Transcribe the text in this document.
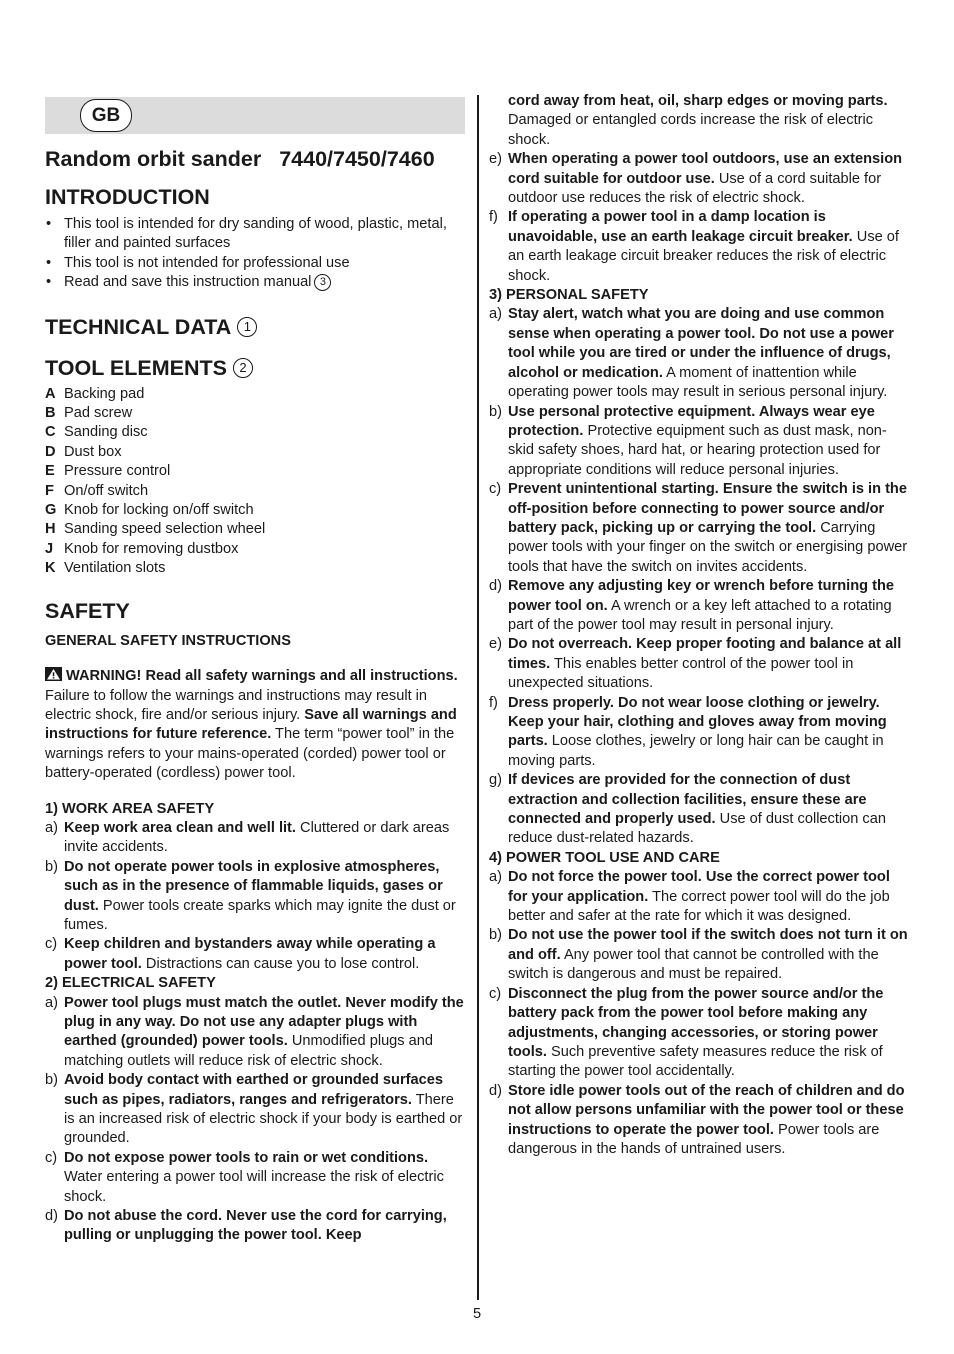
GB
Random orbit sander 7440/7450/7460
INTRODUCTION
• This tool is intended for dry sanding of wood, plastic, metal, filler and painted surfaces
• This tool is not intended for professional use
• Read and save this instruction manual 3
TECHNICAL DATA 1
TOOL ELEMENTS 2
A Backing pad
B Pad screw
C Sanding disc
D Dust box
E Pressure control
F On/off switch
G Knob for locking on/off switch
H Sanding speed selection wheel
J Knob for removing dustbox
K Ventilation slots
SAFETY
GENERAL SAFETY INSTRUCTIONS
WARNING! Read all safety warnings and all instructions. Failure to follow the warnings and instructions may result in electric shock, fire and/or serious injury. Save all warnings and instructions for future reference. The term “power tool” in the warnings refers to your mains-operated (corded) power tool or battery-operated (cordless) power tool.
1) WORK AREA SAFETY
a) Keep work area clean and well lit. Cluttered or dark areas invite accidents.
b) Do not operate power tools in explosive atmospheres, such as in the presence of flammable liquids, gases or dust. Power tools create sparks which may ignite the dust or fumes.
c) Keep children and bystanders away while operating a power tool. Distractions can cause you to lose control.
2) ELECTRICAL SAFETY
a) Power tool plugs must match the outlet. Never modify the plug in any way. Do not use any adapter plugs with earthed (grounded) power tools. Unmodified plugs and matching outlets will reduce risk of electric shock.
b) Avoid body contact with earthed or grounded surfaces such as pipes, radiators, ranges and refrigerators. There is an increased risk of electric shock if your body is earthed or grounded.
c) Do not expose power tools to rain or wet conditions. Water entering a power tool will increase the risk of electric shock.
d) Do not abuse the cord. Never use the cord for carrying, pulling or unplugging the power tool. Keep
cord away from heat, oil, sharp edges or moving parts. Damaged or entangled cords increase the risk of electric shock.
e) When operating a power tool outdoors, use an extension cord suitable for outdoor use. Use of a cord suitable for outdoor use reduces the risk of electric shock.
f) If operating a power tool in a damp location is unavoidable, use an earth leakage circuit breaker. Use of an earth leakage circuit breaker reduces the risk of electric shock.
3) PERSONAL SAFETY
a) Stay alert, watch what you are doing and use common sense when operating a power tool. Do not use a power tool while you are tired or under the influence of drugs, alcohol or medication. A moment of inattention while operating power tools may result in serious personal injury.
b) Use personal protective equipment. Always wear eye protection. Protective equipment such as dust mask, non-skid safety shoes, hard hat, or hearing protection used for appropriate conditions will reduce personal injuries.
c) Prevent unintentional starting. Ensure the switch is in the off-position before connecting to power source and/or battery pack, picking up or carrying the tool. Carrying power tools with your finger on the switch or energising power tools that have the switch on invites accidents.
d) Remove any adjusting key or wrench before turning the power tool on. A wrench or a key left attached to a rotating part of the power tool may result in personal injury.
e) Do not overreach. Keep proper footing and balance at all times. This enables better control of the power tool in unexpected situations.
f) Dress properly. Do not wear loose clothing or jewelry. Keep your hair, clothing and gloves away from moving parts. Loose clothes, jewelry or long hair can be caught in moving parts.
g) If devices are provided for the connection of dust extraction and collection facilities, ensure these are connected and properly used. Use of dust collection can reduce dust-related hazards.
4) POWER TOOL USE AND CARE
a) Do not force the power tool. Use the correct power tool for your application. The correct power tool will do the job better and safer at the rate for which it was designed.
b) Do not use the power tool if the switch does not turn it on and off. Any power tool that cannot be controlled with the switch is dangerous and must be repaired.
c) Disconnect the plug from the power source and/or the battery pack from the power tool before making any adjustments, changing accessories, or storing power tools. Such preventive safety measures reduce the risk of starting the power tool accidentally.
d) Store idle power tools out of the reach of children and do not allow persons unfamiliar with the power tool or these instructions to operate the power tool. Power tools are dangerous in the hands of untrained users.
5
